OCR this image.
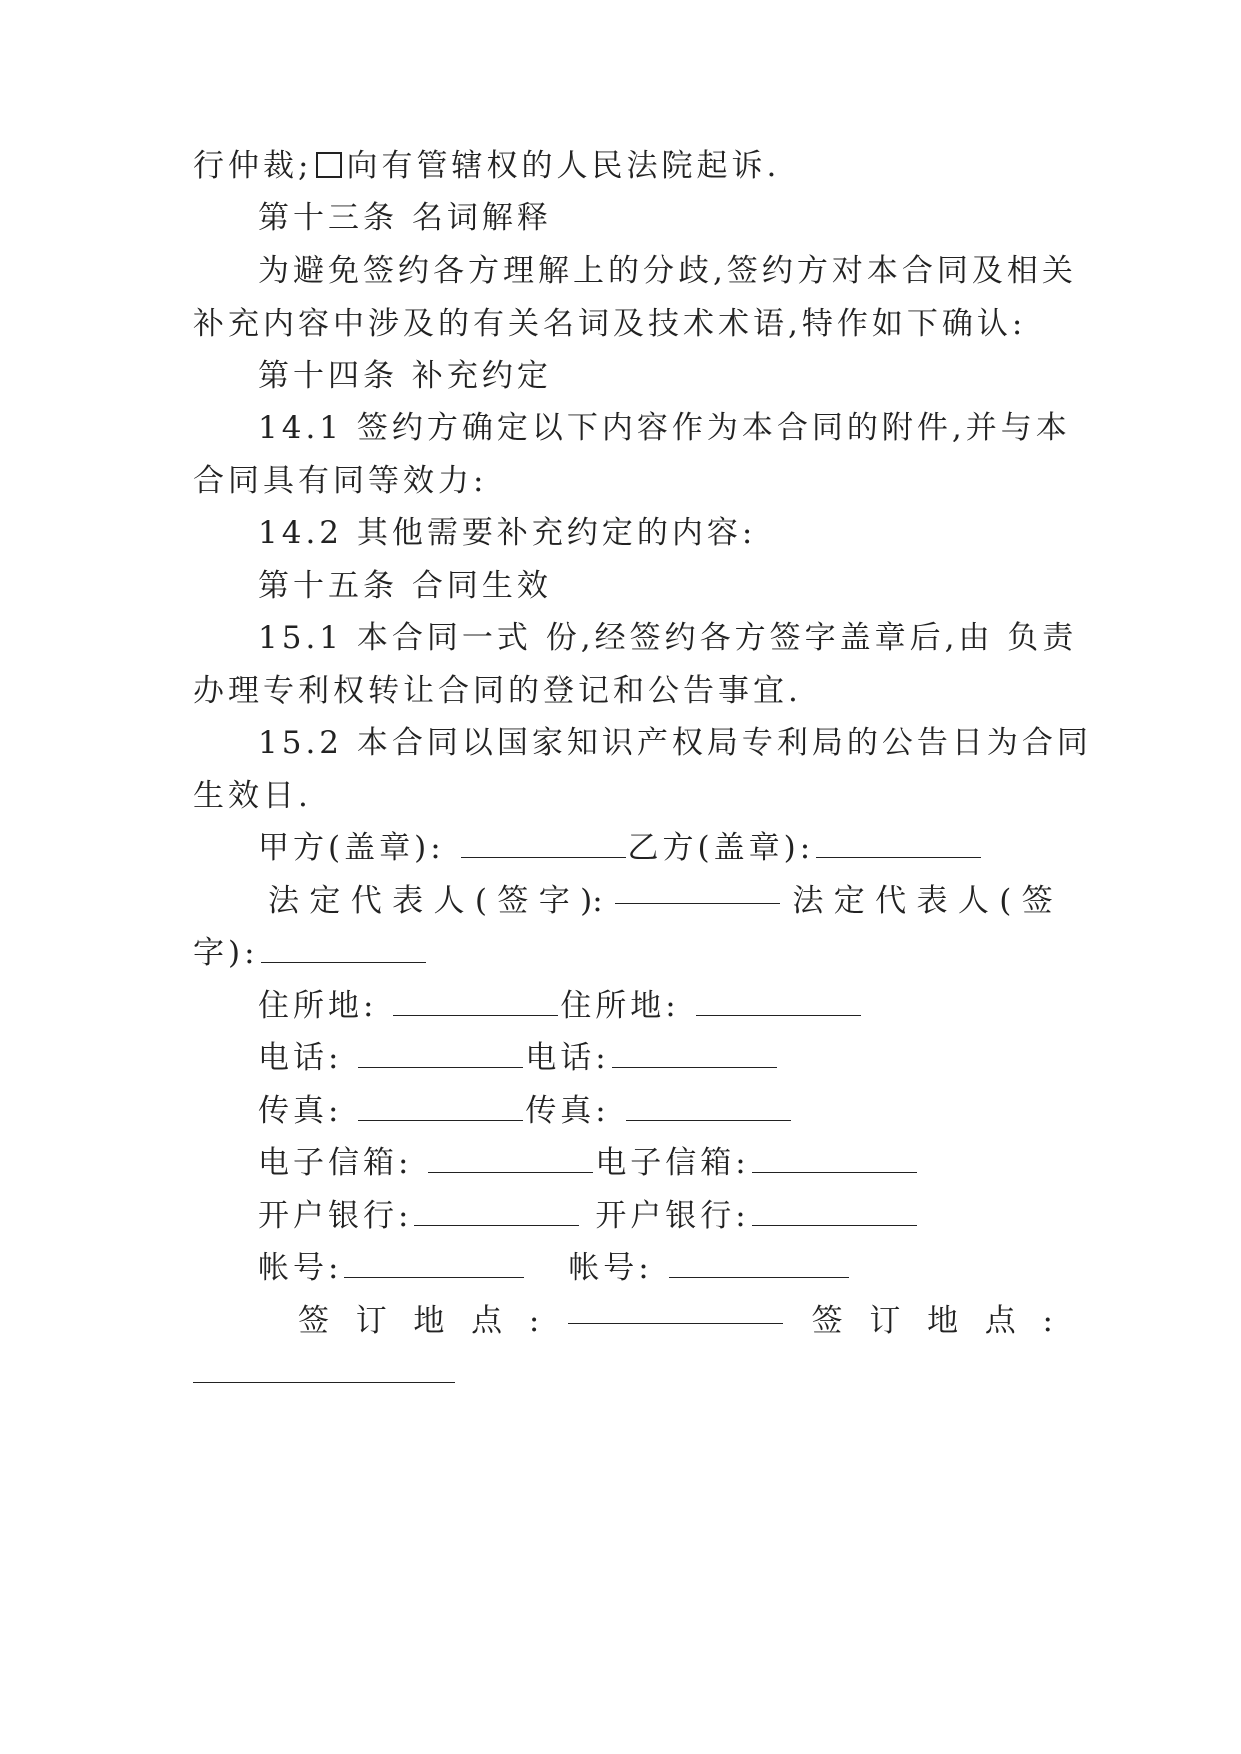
行仲裁; 向有管辖权的人民法院起诉.
第十三条 名词解释
为避免签约各方理解上的分歧,签约方对本合同及相关
补充内容中涉及的有关名词及技术术语,特作如下确认:
第十四条 补充约定
14.1 签约方确定以下内容作为本合同的附件,并与本
合同具有同等效力:
14.2 其他需要补充约定的内容:
第十五条 合同生效
15.1 本合同一式 份,经签约各方签字盖章后,由 负责
办理专利权转让合同的登记和公告事宜.
15.2 本合同以国家知识产权局专利局的公告日为合同
生效日.
甲方(盖章):	乙方(盖章):
法 定 代 表 人 ( 签 字 ):	法 定 代 表 人 ( 签
字):
住所地:	住所地:
电话:	电话:
传真:	传真:
电子信箱:	电子信箱:
开户银行:	开户银行:
帐号:	帐号:
签 订 地 点 :	签 订 地 点 :
